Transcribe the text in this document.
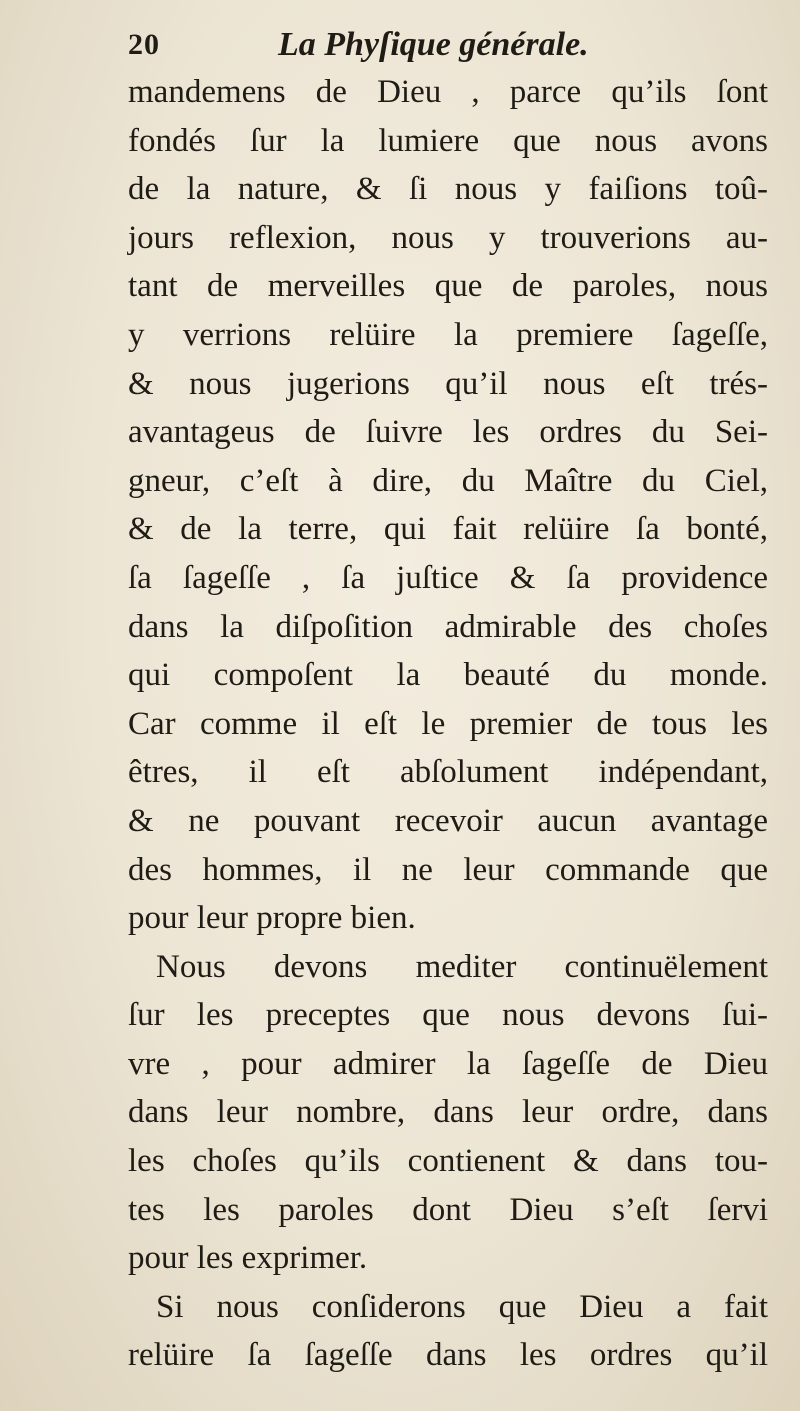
20	La Phyſique générale.
mandemens de Dieu , parce qu’ils ſont
fondés ſur la lumiere que nous avons
de la nature, & ſi nous y faiſions toû-
jours reflexion, nous y trouverions au-
tant de merveilles que de paroles, nous
y verrions relüire la premiere ſageſſe,
& nous jugerions qu’il nous eſt trés-
avantageus de ſuivre les ordres du Sei-
gneur, c’eſt à dire, du Maître du Ciel,
& de la terre, qui fait relüire ſa bonté,
ſa ſageſſe , ſa juſtice & ſa providence
dans la diſpoſition admirable des choſes
qui compoſent la beauté du monde.
Car comme il eſt le premier de tous les
êtres, il eſt abſolument indépendant,
& ne pouvant recevoir aucun avantage
des hommes, il ne leur commande que
pour leur propre bien.
Nous devons mediter continuëlement
ſur les preceptes que nous devons ſui-
vre , pour admirer la ſageſſe de Dieu
dans leur nombre, dans leur ordre, dans
les choſes qu’ils contienent & dans tou-
tes les paroles dont Dieu s’eſt ſervi
pour les exprimer.
Si nous conſiderons que Dieu a fait
relüire ſa ſageſſe dans les ordres qu’il
